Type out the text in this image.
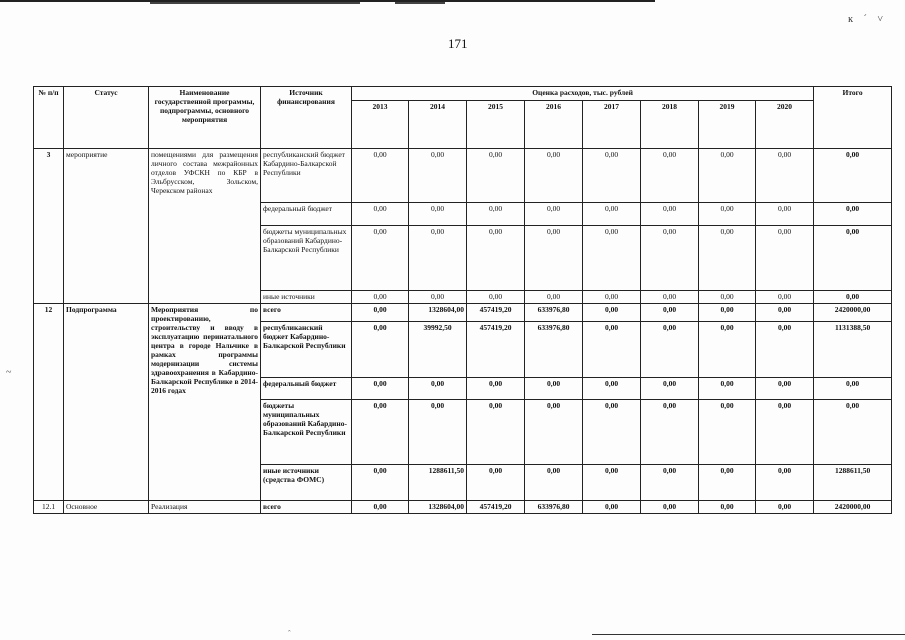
171
ĸ ˊ ˅
~
ˆ
№ п/п	Статус	Наименование государственной программы, подпрограммы, основного мероприятия	Источник финансирования	Оценка расходов, тыс. рублей								Итого
				2013	2014	2015	2016	2017	2018	2019	2020	
3	мероприятие	помещениями для размещения личного состава межрайонных отделов УФСКН по КБР в Эльбрусском, Зольском, Черекском районах	республиканский бюджет Кабардино-Балкарской Республики	0,00	0,00	0,00	0,00	0,00	0,00	0,00	0,00	0,00
			федеральный бюджет	0,00	0,00	0,00	0,00	0,00	0,00	0,00	0,00	0,00
			бюджеты муниципальных образований Кабардино-Балкарской Республики	0,00	0,00	0,00	0,00	0,00	0,00	0,00	0,00	0,00
			иные источники	0,00	0,00	0,00	0,00	0,00	0,00	0,00	0,00	0,00
12	Подпрограмма	Мероприятия по проектированию, строительству и вводу в эксплуатацию перинатального центра в городе Нальчике в рамках программы модернизации системы здравоохранения в Кабардино-Балкарской Республике в 2014-2016 годах	всего	0,00	1328604,00	457419,20	633976,80	0,00	0,00	0,00	0,00	2420000,00
			республиканский бюджет Кабардино-Балкарской Республики	0,00	39992,50	457419,20	633976,80	0,00	0,00	0,00	0,00	1131388,50
			федеральный бюджет	0,00	0,00	0,00	0,00	0,00	0,00	0,00	0,00	0,00
			бюджеты муниципальных образований Кабардино-Балкарской Республики	0,00	0,00	0,00	0,00	0,00	0,00	0,00	0,00	0,00
			иные источники (средства ФОМС)	0,00	1288611,50	0,00	0,00	0,00	0,00	0,00	0,00	1288611,50
12.1	Основное	Реализация	всего	0,00	1328604,00	457419,20	633976,80	0,00	0,00	0,00	0,00	2420000,00
